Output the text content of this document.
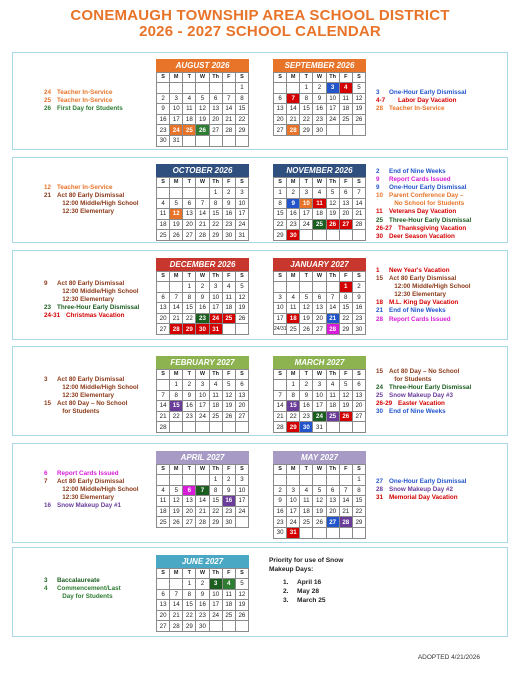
CONEMAUGH TOWNSHIP AREA SCHOOL DISTRICT
2026 - 2027 SCHOOL CALENDAR
AUGUST 2026
S	M	T	W	Th	F	S
						1
2	3	4	5	6	7	8
9	10	11	12	13	14	15
16	17	18	19	20	21	22
23	24	25	26	27	28	29
30	31					
SEPTEMBER 2026
S	M	T	W	Th	F	S
		1	2	3	4	5
6	7	8	9	10	11	12
13	14	15	16	17	18	19
20	21	22	23	24	25	26
27	28	29	30			
OCTOBER 2026
S	M	T	W	Th	F	S
				1	2	3
4	5	6	7	8	9	10
11	12	13	14	15	16	17
18	19	20	21	22	23	24
25	26	27	28	29	30	31
NOVEMBER 2026
S	M	T	W	Th	F	S
1	2	3	4	5	6	7
8	9	10	11	12	13	14
15	16	17	18	19	20	21
22	23	24	25	26	27	28
29	30					
DECEMBER 2026
S	M	T	W	Th	F	S
		1	2	3	4	5
6	7	8	9	10	11	12
13	14	15	16	17	18	19
20	21	22	23	24	25	26
27	28	29	30	31		
JANUARY 2027
S	M	T	W	Th	F	S
					1	2
3	4	5	6	7	8	9
10	11	12	13	14	15	16
17	18	19	20	21	22	23
24/31	25	26	27	28	29	30
FEBRUARY 2027
S	M	T	W	Th	F	S
	1	2	3	4	5	6
7	8	9	10	11	12	13
14	15	16	17	18	19	20
21	22	23	24	25	26	27
28						
MARCH 2027
S	M	T	W	Th	F	S
	1	2	3	4	5	6
7	8	9	10	11	12	13
14	15	16	17	18	19	20
21	22	23	24	25	26	27
28	29	30	31			
APRIL 2027
S	M	T	W	Th	F	S
				1	2	3
4	5	6	7	8	9	10
11	12	13	14	15	16	17
18	19	20	21	22	23	24
25	26	27	28	29	30	
MAY 2027
S	M	T	W	Th	F	S
						1
2	3	4	5	6	7	8
9	10	11	12	13	14	15
16	17	18	19	20	21	22
23	24	25	26	27	28	29
30	31					
JUNE 2027
S	M	T	W	Th	F	S
		1	2	3	4	5
6	7	8	9	10	11	12
13	14	15	16	17	18	19
20	21	22	23	24	25	26
27	28	29	30			
24 Teacher In-Service
25 Teacher In-Service
26 First Day for Students
3 One-Hour Early Dismissal
4-7 Labor Day Vacation
28 Teacher In-Service
12 Teacher In-Service
21 Act 80 Early Dismissal
12:00 Middle/High School
12:30 Elementary
2 End of Nine Weeks
9 Report Cards Issued
9 One-Hour Early Dismissal
10 Parent Conference Day –
No School for Students
11 Veterans Day Vacation
25 Three-Hour Early Dismissal
26-27 Thanksgiving Vacation
30 Deer Season Vacation
9 Act 80 Early Dismissal
12:00 Middle/High School
12:30 Elementary
23 Three-Hour Early Dismissal
24-31 Christmas Vacation
1 New Year's Vacation
15 Act 80 Early Dismissal
12:00 Middle/High School
12:30 Elementary
18 M.L. King Day Vacation
21 End of Nine Weeks
28 Report Cards Issued
3 Act 80 Early Dismissal
12:00 Middle/High School
12:30 Elementary
15 Act 80 Day – No School
for Students
15 Act 80 Day – No School
for Students
24 Three-Hour Early Dismissal
25 Snow Makeup Day #3
26-29 Easter Vacation
30 End of Nine Weeks
6 Report Cards Issued
7 Act 80 Early Dismissal
12:00 Middle/High School
12:30 Elementary
16 Snow Makeup Day #1
27 One-Hour Early Dismissal
28 Snow Makeup Day #2
31 Memorial Day Vacation
3 Baccalaureate
4 Commencement/Last
Day for Students
Priority for use of Snow
Makeup Days:
1. April 16
2. May 28
3. March 25
ADOPTED 4/21/2026
